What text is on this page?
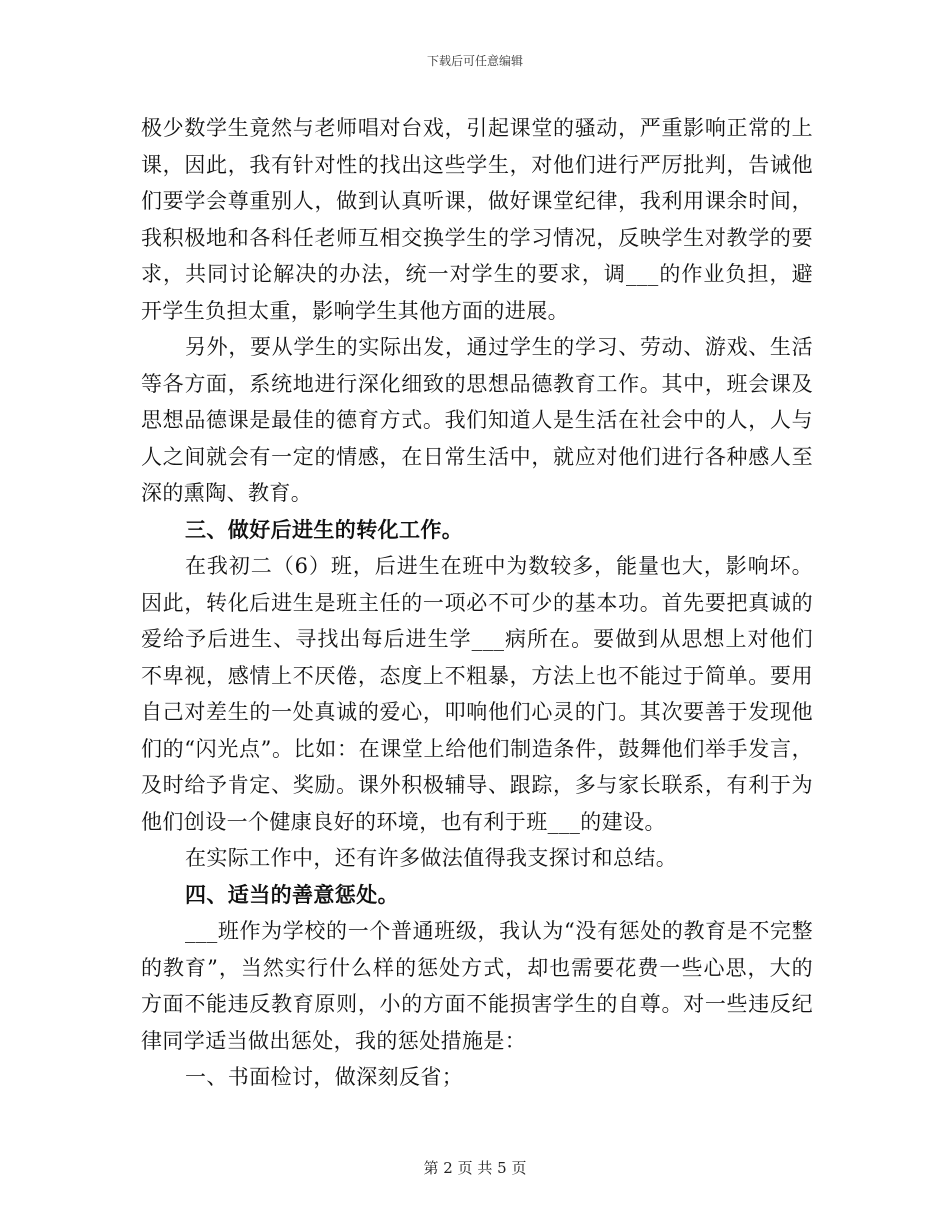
下载后可任意编辑

极少数学生竟然与老师唱对台戏，引起课堂的骚动，严重影响正常的上课，因此，我有针对性的找出这些学生，对他们进行严厉批判，告诫他们要学会尊重别人，做到认真听课，做好课堂纪律，我利用课余时间，我积极地和各科任老师互相交换学生的学习情况，反映学生对教学的要求，共同讨论解决的办法，统一对学生的要求，调___的作业负担，避开学生负担太重，影响学生其他方面的进展。

另外，要从学生的实际出发，通过学生的学习、劳动、游戏、生活等各方面，系统地进行深化细致的思想品德教育工作。其中，班会课及思想品德课是最佳的德育方式。我们知道人是生活在社会中的人，人与人之间就会有一定的情感，在日常生活中，就应对他们进行各种感人至深的熏陶、教育。

三、做好后进生的转化工作。

在我初二（6）班，后进生在班中为数较多，能量也大，影响坏。因此，转化后进生是班主任的一项必不可少的基本功。首先要把真诚的爱给予后进生、寻找出每后进生学___病所在。要做到从思想上对他们不卑视，感情上不厌倦，态度上不粗暴，方法上也不能过于简单。要用自己对差生的一处真诚的爱心，叩响他们心灵的门。其次要善于发现他们的“闪光点”。比如：在课堂上给他们制造条件，鼓舞他们举手发言，及时给予肯定、奖励。课外积极辅导、跟踪，多与家长联系，有利于为他们创设一个健康良好的环境，也有利于班___的建设。

在实际工作中，还有许多做法值得我支探讨和总结。

四、适当的善意惩处。

___班作为学校的一个普通班级，我认为“没有惩处的教育是不完整的教育”，当然实行什么样的惩处方式，却也需要花费一些心思，大的方面不能违反教育原则，小的方面不能损害学生的自尊。对一些违反纪律同学适当做出惩处，我的惩处措施是：

一、书面检讨，做深刻反省；

第 2 页 共 5 页
